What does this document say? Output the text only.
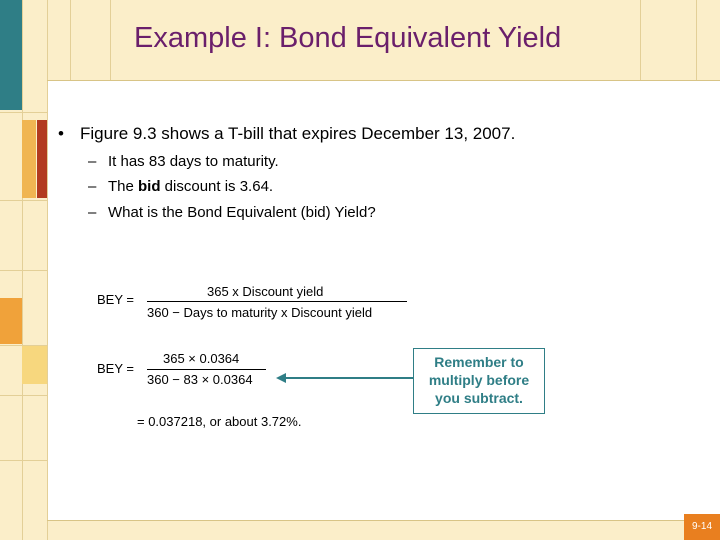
Example I: Bond Equivalent Yield
• Figure 9.3 shows a T-bill that expires December 13, 2007.
– It has 83 days to maturity.
– The bid discount is 3.64.
– What is the Bond Equivalent (bid) Yield?
BEY =
365 x Discount yield
360 − Days to maturity x Discount yield
BEY =
365 × 0.0364
360 − 83 × 0.0364
Remember to
multiply before
you subtract.
= 0.037218, or about 3.72%.
9-14
